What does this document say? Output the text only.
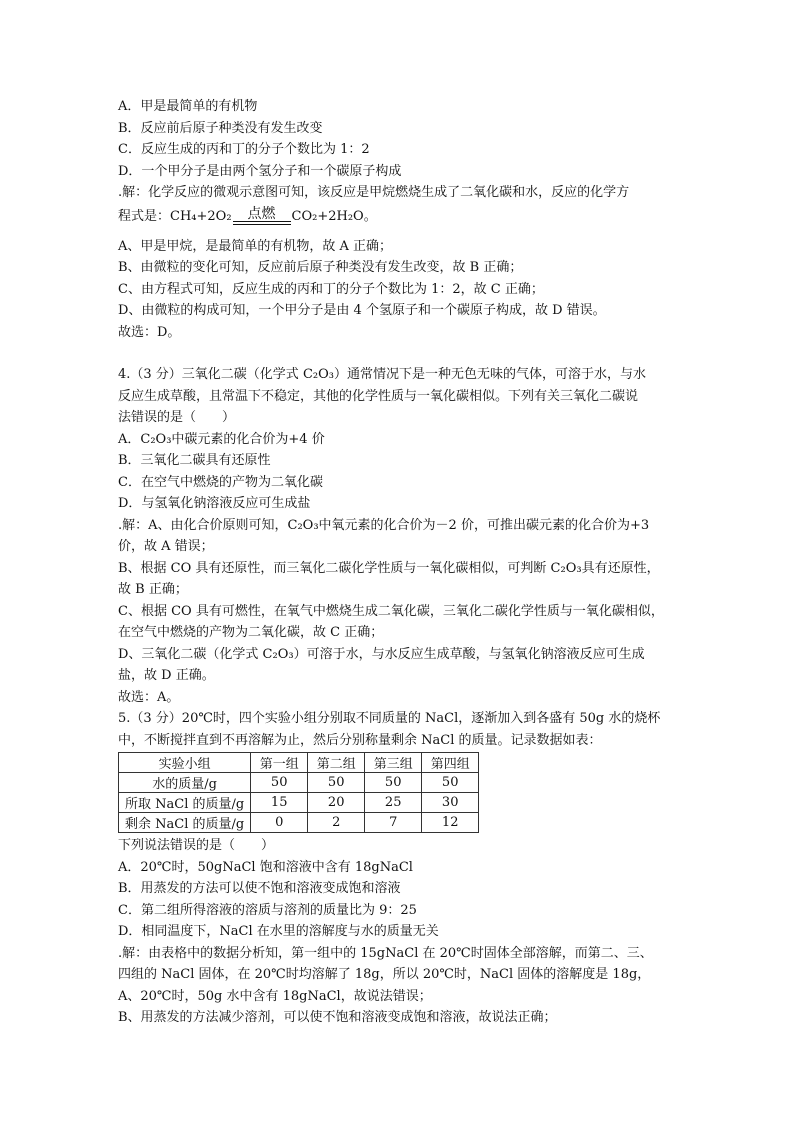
A．甲是最简单的有机物
B．反应前后原子种类没有发生改变
C．反应生成的丙和丁的分子个数比为 1：2
D．一个甲分子是由两个氢分子和一个碳原子构成
.解：化学反应的微观示意图可知，该反应是甲烷燃烧生成了二氧化碳和水，反应的化学方
程式是：CH₄+2O₂ 点燃 CO₂+2H₂O。
A、甲是甲烷，是最简单的有机物，故 A 正确；
B、由微粒的变化可知，反应前后原子种类没有发生改变，故 B 正确；
C、由方程式可知，反应生成的丙和丁的分子个数比为 1：2，故 C 正确；
D、由微粒的构成可知，一个甲分子是由 4 个氢原子和一个碳原子构成，故 D 错误。
故选：D。
4.（3 分）三氧化二碳（化学式 C₂O₃）通常情况下是一种无色无味的气体，可溶于水，与水
反应生成草酸，且常温下不稳定，其他的化学性质与一氧化碳相似。下列有关三氧化二碳说
法错误的是（　　）
A．C₂O₃中碳元素的化合价为+4 价
B．三氧化二碳具有还原性
C．在空气中燃烧的产物为二氧化碳
D．与氢氧化钠溶液反应可生成盐
.解：A、由化合价原则可知，C₂O₃中氧元素的化合价为－2 价，可推出碳元素的化合价为+3
价，故 A 错误；
B、根据 CO 具有还原性，而三氧化二碳化学性质与一氧化碳相似，可判断 C₂O₃具有还原性，
故 B 正确；
C、根据 CO 具有可燃性，在氧气中燃烧生成二氧化碳，三氧化二碳化学性质与一氧化碳相似，
在空气中燃烧的产物为二氧化碳，故 C 正确；
D、三氧化二碳（化学式 C₂O₃）可溶于水，与水反应生成草酸，与氢氧化钠溶液反应可生成
盐，故 D 正确。
故选：A。
5.（3 分）20℃时，四个实验小组分别取不同质量的 NaCl，逐渐加入到各盛有 50g 水的烧杯
中，不断搅拌直到不再溶解为止，然后分别称量剩余 NaCl 的质量。记录数据如表：
实验小组	第一组	第二组	第三组	第四组
水的质量/g	50	50	50	50
所取 NaCl 的质量/g	15	20	25	30
剩余 NaCl 的质量/g	0	2	7	12
下列说法错误的是（　　）
A．20℃时，50gNaCl 饱和溶液中含有 18gNaCl
B．用蒸发的方法可以使不饱和溶液变成饱和溶液
C．第二组所得溶液的溶质与溶剂的质量比为 9：25
D．相同温度下，NaCl 在水里的溶解度与水的质量无关
.解：由表格中的数据分析知，第一组中的 15gNaCl 在 20℃时固体全部溶解，而第二、三、
四组的 NaCl 固体，在 20℃时均溶解了 18g，所以 20℃时，NaCl 固体的溶解度是 18g，
A、20℃时，50g 水中含有 18gNaCl，故说法错误；
B、用蒸发的方法减少溶剂，可以使不饱和溶液变成饱和溶液，故说法正确；
